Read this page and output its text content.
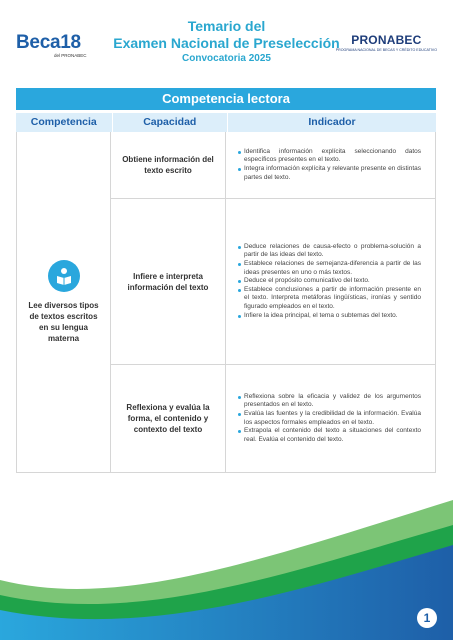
Beca18
del PRONABEC
Temario del
Examen Nacional de Preselección
Convocatoria 2025
PRONABEC
PROGRAMA NACIONAL DE BECAS Y CRÉDITO EDUCATIVO
Competencia lectora
Competencia	Capacidad	Indicador
Lee diversos tipos de textos escritos en su lengua materna
Obtiene información del texto escrito
Identifica información explícita seleccionando datos específicos presentes en el texto.
Integra información explícita y relevante presente en distintas partes del texto.
Infiere e interpreta información del texto
Deduce relaciones de causa-efecto o problema-solución a partir de las ideas del texto.
Establece relaciones de semejanza-diferencia a partir de las ideas presentes en uno o más textos.
Deduce el propósito comunicativo del texto.
Establece conclusiones a partir de información presente en el texto. Interpreta metáforas lingüísticas, ironías y sentido figurado empleados en el texto.
Infiere la idea principal, el tema o subtemas del texto.
Reflexiona y evalúa la forma, el contenido y contexto del texto
Reflexiona sobre la eficacia y validez de los argumentos presentados en el texto.
Evalúa las fuentes y la credibilidad de la información. Evalúa los aspectos formales empleados en el texto.
Extrapola el contenido del texto a situaciones del contexto real. Evalúa el contenido del texto.
1
